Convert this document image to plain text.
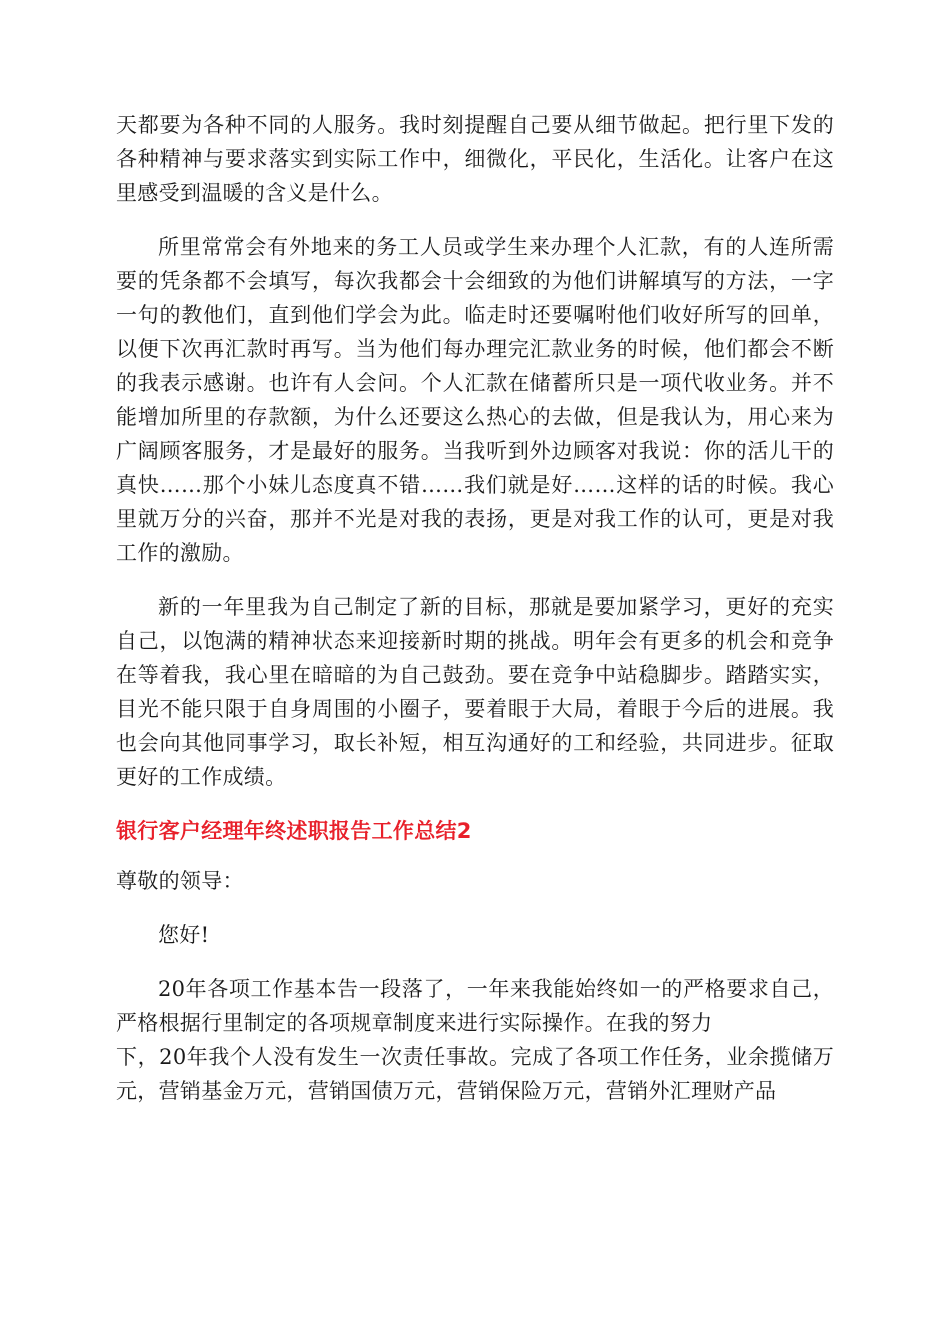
天都要为各种不同的人服务。我时刻提醒自己要从细节做起。把行里下发的各种精神与要求落实到实际工作中，细微化，平民化，生活化。让客户在这里感受到温暖的含义是什么。

所里常常会有外地来的务工人员或学生来办理个人汇款，有的人连所需要的凭条都不会填写，每次我都会十会细致的为他们讲解填写的方法，一字一句的教他们，直到他们学会为此。临走时还要嘱咐他们收好所写的回单，以便下次再汇款时再写。当为他们每办理完汇款业务的时候，他们都会不断的我表示感谢。也许有人会问。个人汇款在储蓄所只是一项代收业务。并不能增加所里的存款额，为什么还要这么热心的去做，但是我认为，用心来为广阔顾客服务，才是最好的服务。当我听到外边顾客对我说：你的活儿干的真快……那个小妹儿态度真不错……我们就是好……这样的话的时候。我心里就万分的兴奋，那并不光是对我的表扬，更是对我工作的认可，更是对我工作的激励。

新的一年里我为自己制定了新的目标，那就是要加紧学习，更好的充实自己，以饱满的精神状态来迎接新时期的挑战。明年会有更多的机会和竞争在等着我，我心里在暗暗的为自己鼓劲。要在竞争中站稳脚步。踏踏实实，目光不能只限于自身周围的小圈子，要着眼于大局，着眼于今后的进展。我也会向其他同事学习，取长补短，相互沟通好的工和经验，共同进步。征取更好的工作成绩。

银行客户经理年终述职报告工作总结2

尊敬的领导：

您好!

20年各项工作基本告一段落了，一年来我能始终如一的严格要求自己，严格根据行里制定的各项规章制度来进行实际操作。在我的努力
下，20年我个人没有发生一次责任事故。完成了各项工作任务，业余揽储万元，营销基金万元，营销国债万元，营销保险万元，营销外汇理财产品
